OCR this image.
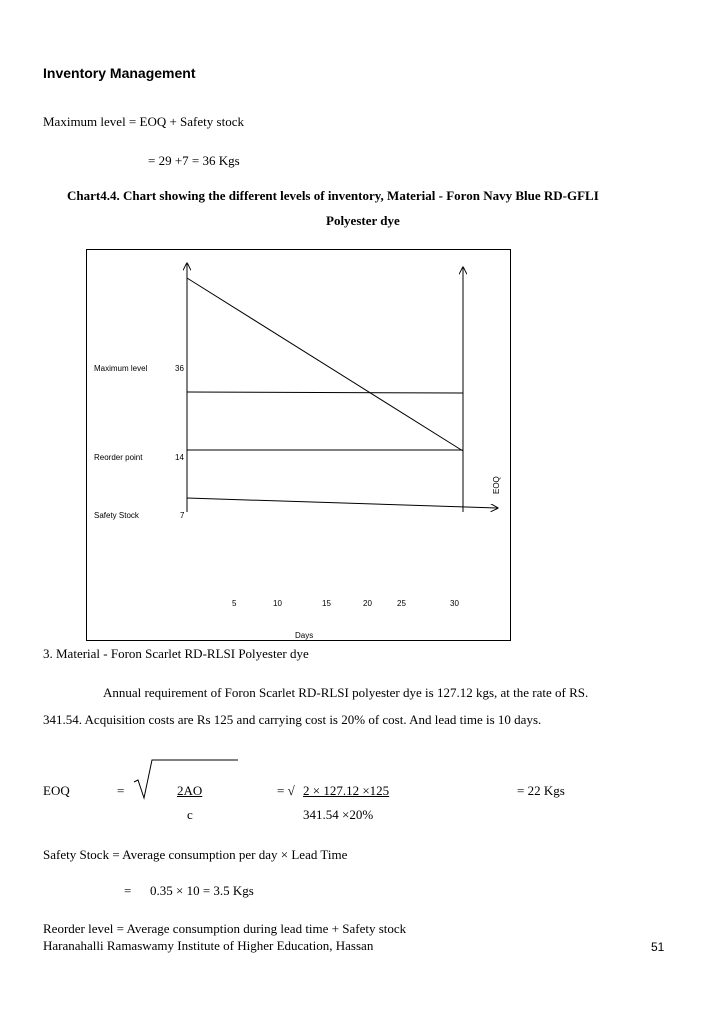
Inventory Management
Maximum level = EOQ + Safety stock
= 29 +7 = 36 Kgs
Chart4.4. Chart showing the different levels of inventory, Material - Foron Navy Blue RD-GFLI
Polyester dye
Maximum level	36
Reorder point	14
Safety Stock	7
5	10	15	20	25	30
Days
EOQ
3. Material - Foron Scarlet RD-RLSI Polyester dye
Annual requirement of Foron Scarlet RD-RLSI polyester dye is 127.12 kgs, at the rate of RS.
341.54. Acquisition costs are Rs 125 and carrying cost is 20% of cost. And lead time is 10 days.
EOQ	=	2AO
c
= √ 2 × 127.12 ×125
341.54 ×20%
= 22 Kgs
Safety Stock = Average consumption per day × Lead Time
= 0.35 × 10 = 3.5 Kgs
Reorder level = Average consumption during lead time + Safety stock
Haranahalli Ramaswamy Institute of Higher Education, Hassan	51
